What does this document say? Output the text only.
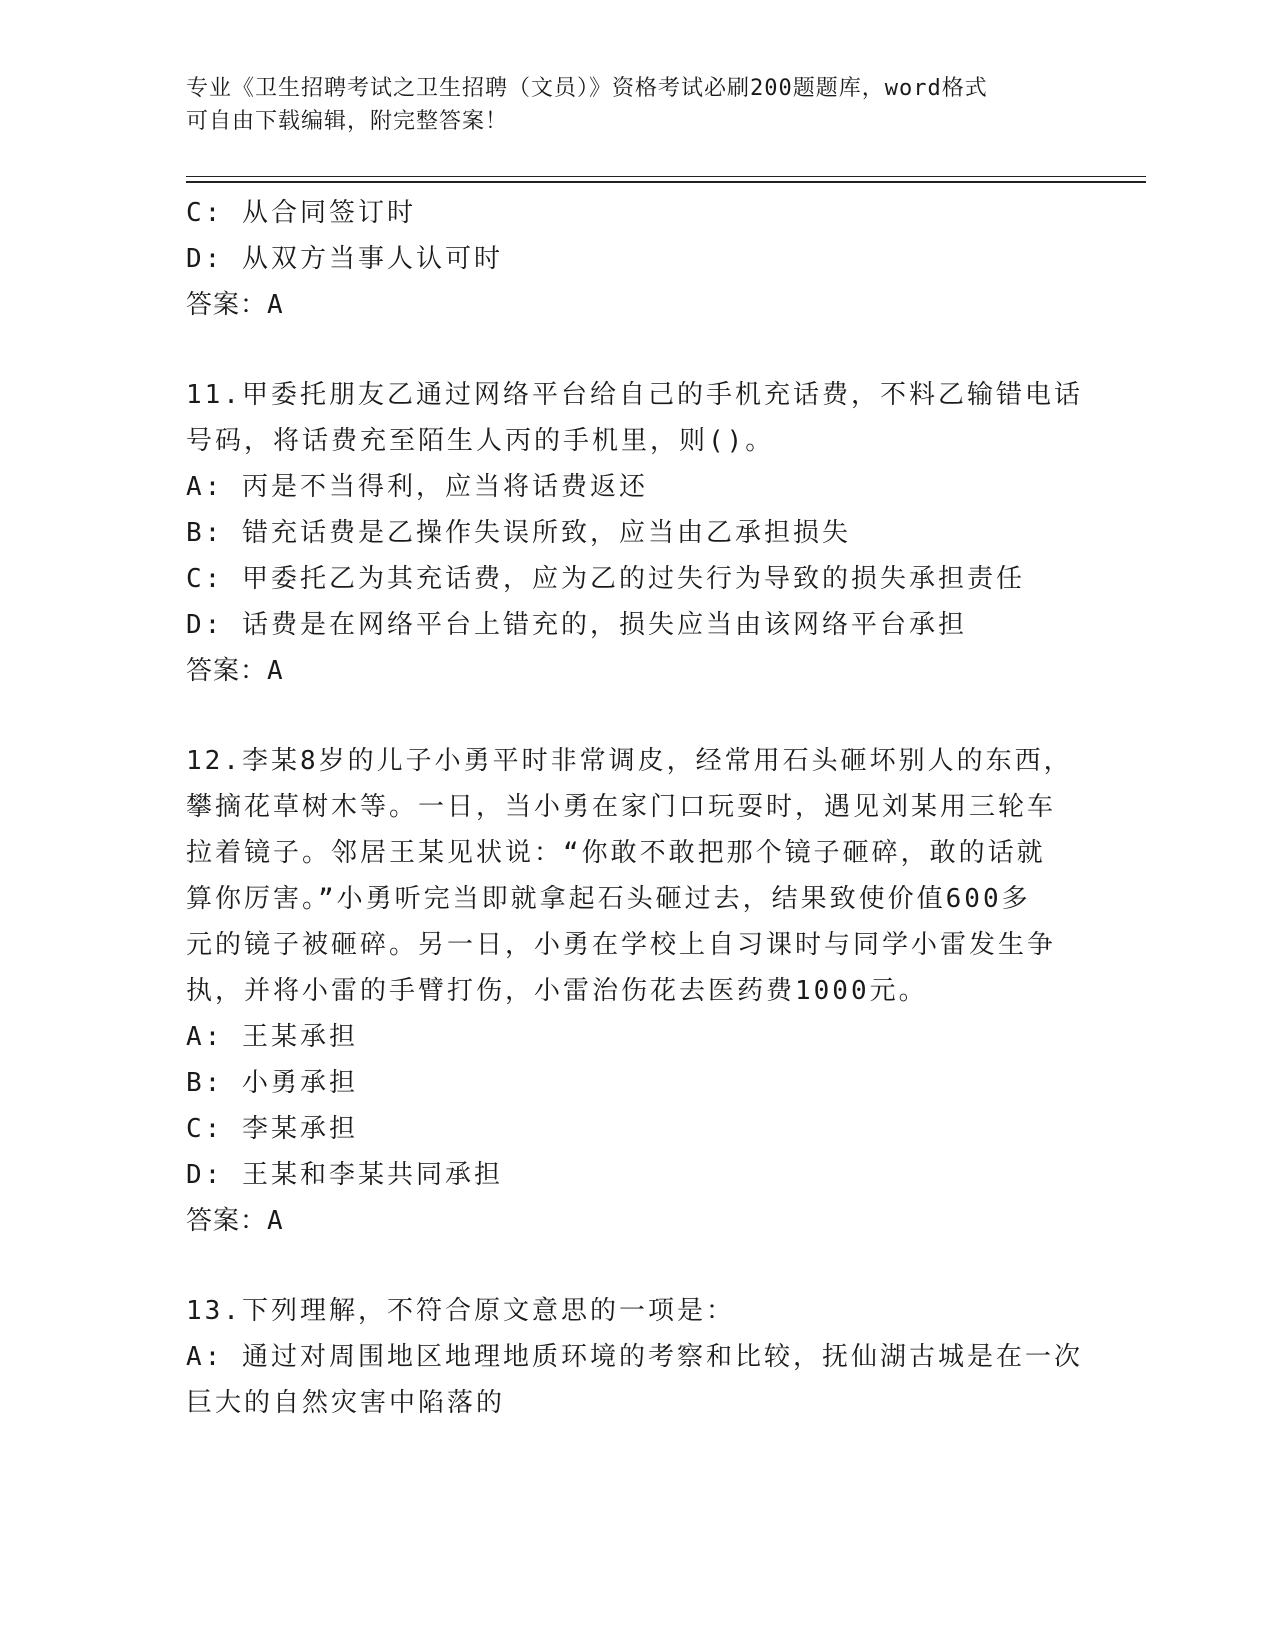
专业《卫生招聘考试之卫生招聘（文员）》资格考试必刷200题题库，word格式
可自由下载编辑，附完整答案！
C: 从合同签订时
D: 从双方当事人认可时
答案：A
11.甲委托朋友乙通过网络平台给自己的手机充话费，不料乙输错电话
号码，将话费充至陌生人丙的手机里，则()。
A: 丙是不当得利，应当将话费返还
B: 错充话费是乙操作失误所致，应当由乙承担损失
C: 甲委托乙为其充话费，应为乙的过失行为导致的损失承担责任
D: 话费是在网络平台上错充的，损失应当由该网络平台承担
答案：A
12.李某8岁的儿子小勇平时非常调皮，经常用石头砸坏别人的东西，
攀摘花草树木等。一日，当小勇在家门口玩耍时，遇见刘某用三轮车
拉着镜子。邻居王某见状说：“你敢不敢把那个镜子砸碎，敢的话就
算你厉害。”小勇听完当即就拿起石头砸过去，结果致使价值600多
元的镜子被砸碎。另一日，小勇在学校上自习课时与同学小雷发生争
执，并将小雷的手臂打伤，小雷治伤花去医药费1000元。
A: 王某承担
B: 小勇承担
C: 李某承担
D: 王某和李某共同承担
答案：A
13.下列理解，不符合原文意思的一项是：
A: 通过对周围地区地理地质环境的考察和比较，抚仙湖古城是在一次
巨大的自然灾害中陷落的
